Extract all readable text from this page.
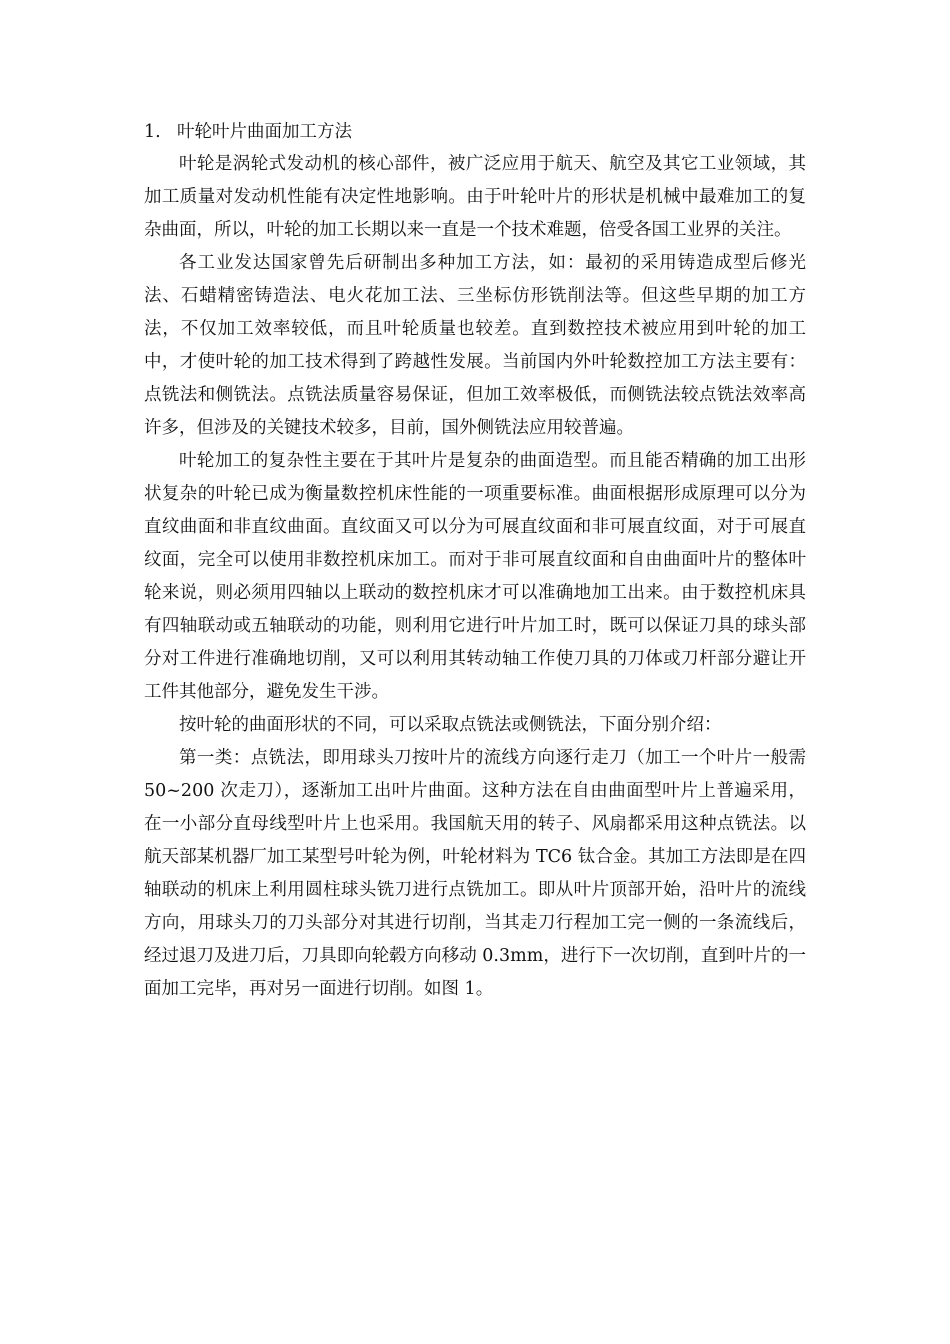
1. 叶轮叶片曲面加工方法

叶轮是涡轮式发动机的核心部件，被广泛应用于航天、航空及其它工业领域，其加工质量对发动机性能有决定性地影响。由于叶轮叶片的形状是机械中最难加工的复杂曲面，所以，叶轮的加工长期以来一直是一个技术难题，倍受各国工业界的关注。

各工业发达国家曾先后研制出多种加工方法，如：最初的采用铸造成型后修光法、石蜡精密铸造法、电火花加工法、三坐标仿形铣削法等。但这些早期的加工方法，不仅加工效率较低，而且叶轮质量也较差。直到数控技术被应用到叶轮的加工中，才使叶轮的加工技术得到了跨越性发展。当前国内外叶轮数控加工方法主要有：点铣法和侧铣法。点铣法质量容易保证，但加工效率极低，而侧铣法较点铣法效率高许多，但涉及的关键技术较多，目前，国外侧铣法应用较普遍。

叶轮加工的复杂性主要在于其叶片是复杂的曲面造型。而且能否精确的加工出形状复杂的叶轮已成为衡量数控机床性能的一项重要标准。曲面根据形成原理可以分为直纹曲面和非直纹曲面。直纹面又可以分为可展直纹面和非可展直纹面，对于可展直纹面，完全可以使用非数控机床加工。而对于非可展直纹面和自由曲面叶片的整体叶轮来说，则必须用四轴以上联动的数控机床才可以准确地加工出来。由于数控机床具有四轴联动或五轴联动的功能，则利用它进行叶片加工时，既可以保证刀具的球头部分对工件进行准确地切削，又可以利用其转动轴工作使刀具的刀体或刀杆部分避让开工件其他部分，避免发生干涉。

按叶轮的曲面形状的不同，可以采取点铣法或侧铣法，下面分别介绍：

第一类：点铣法，即用球头刀按叶片的流线方向逐行走刀（加工一个叶片一般需 50~200 次走刀），逐渐加工出叶片曲面。这种方法在自由曲面型叶片上普遍采用，在一小部分直母线型叶片上也采用。我国航天用的转子、风扇都采用这种点铣法。以航天部某机器厂加工某型号叶轮为例，叶轮材料为 TC6 钛合金。其加工方法即是在四轴联动的机床上利用圆柱球头铣刀进行点铣加工。即从叶片顶部开始，沿叶片的流线方向，用球头刀的刀头部分对其进行切削，当其走刀行程加工完一侧的一条流线后，经过退刀及进刀后，刀具即向轮毂方向移动 0.3mm，进行下一次切削，直到叶片的一面加工完毕，再对另一面进行切削。如图 1。
